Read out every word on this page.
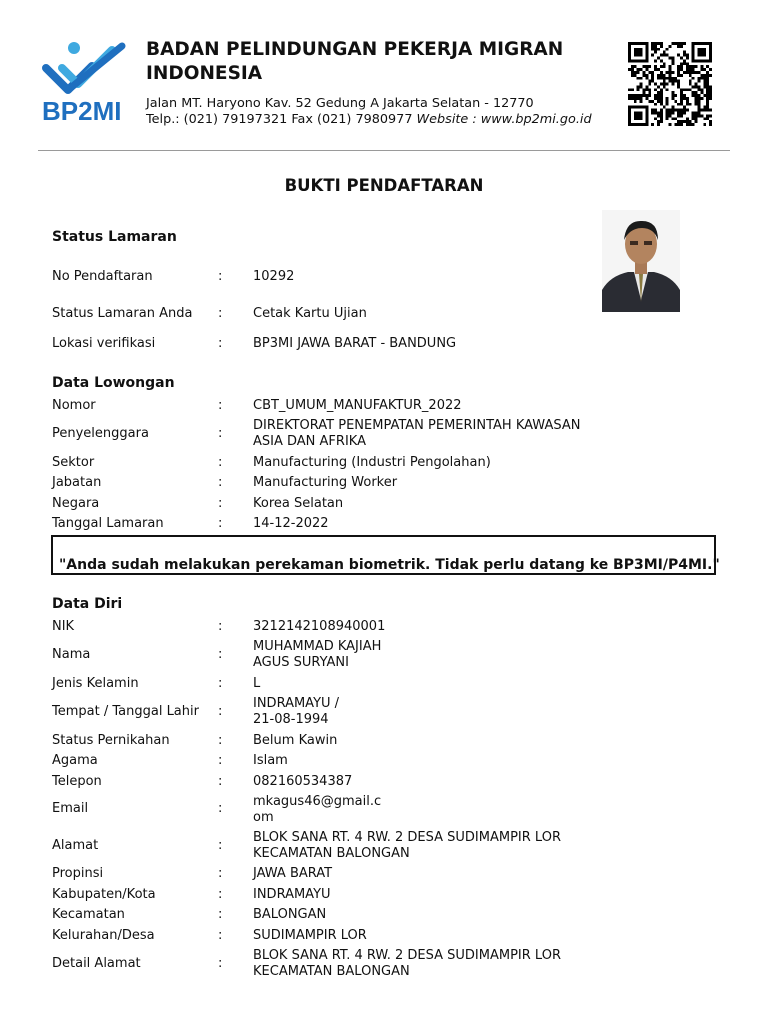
BP2MI
BADAN PELINDUNGAN PEKERJA MIGRAN INDONESIA
Jalan MT. Haryono Kav. 52 Gedung A Jakarta Selatan - 12770
Telp.: (021) 79197321 Fax (021) 7980977 Website : www.bp2mi.go.id
BUKTI PENDAFTARAN
Status Lamaran
No Pendaftaran	: 10292
Status Lamaran Anda : Cetak Kartu Ujian
Lokasi verifikasi	: BP3MI JAWA BARAT - BANDUNG
Data Lowongan
Nomor	: CBT_UMUM_MANUFAKTUR_2022
Penyelenggara	:
DIREKTORAT PENEMPATAN PEMERINTAH KAWASAN
ASIA DAN AFRIKA
Sektor	: Manufacturing (Industri Pengolahan)
Jabatan	: Manufacturing Worker
Negara	: Korea Selatan
Tanggal Lamaran	: 14-12-2022
"Anda sudah melakukan perekaman biometrik. Tidak perlu datang ke BP3MI/P4MI."
Data Diri
NIK	: 3212142108940001
Nama	:
MUHAMMAD KAJIAH
AGUS SURYANI
Jenis Kelamin	: L
Tempat / Tanggal Lahir :
INDRAMAYU /
21-08-1994
Status Pernikahan	: Belum Kawin
Agama	: Islam
Telepon	: 082160534387
Email	: mkagus46@gmail.c
om
Alamat	:
BLOK SANA RT. 4 RW. 2 DESA SUDIMAMPIR LOR
KECAMATAN BALONGAN
Propinsi	: JAWA BARAT
Kabupaten/Kota	: INDRAMAYU
Kecamatan	: BALONGAN
Kelurahan/Desa	: SUDIMAMPIR LOR
Detail Alamat	:
BLOK SANA RT. 4 RW. 2 DESA SUDIMAMPIR LOR
KECAMATAN BALONGAN
